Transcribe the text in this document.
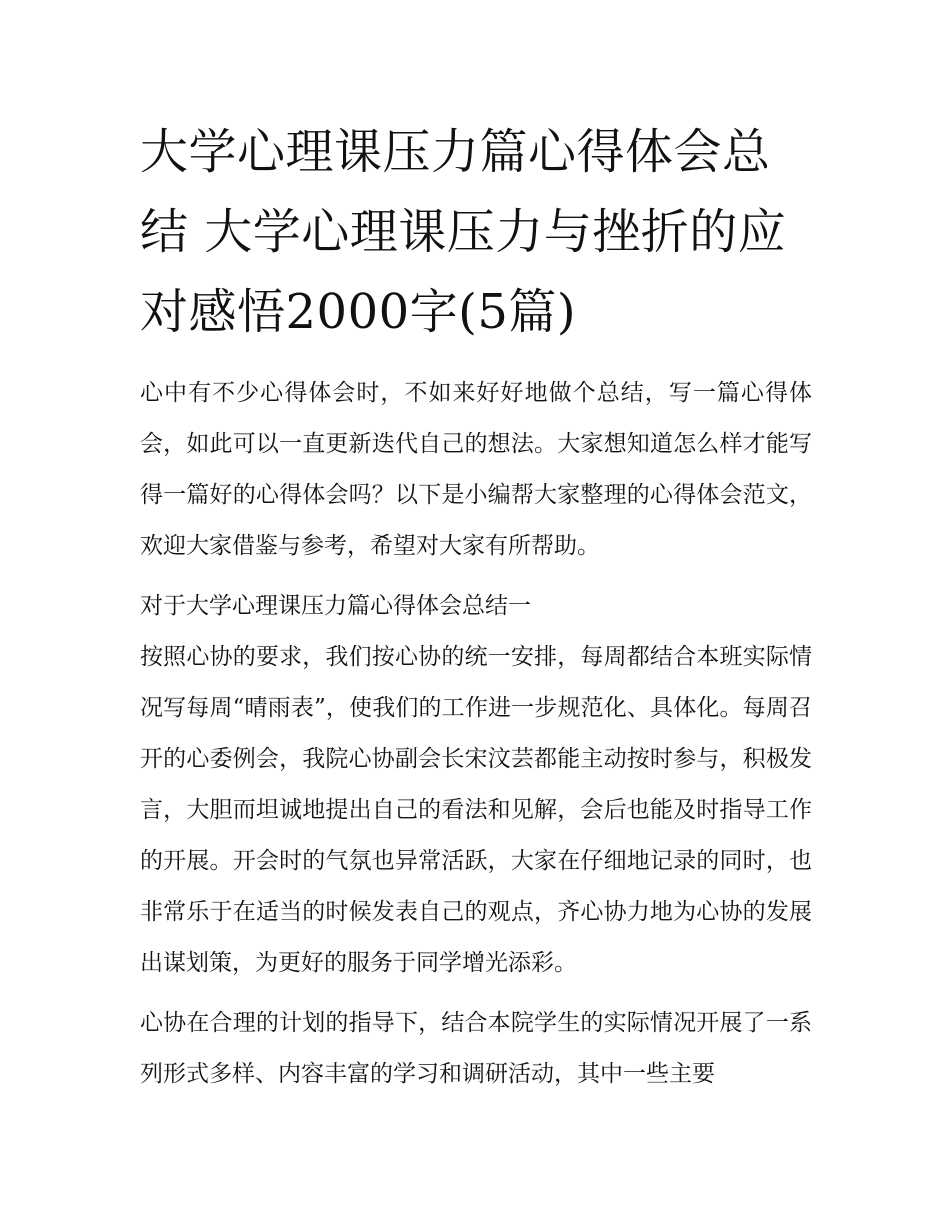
大学心理课压力篇心得体会总结 大学心理课压力与挫折的应对感悟2000字(5篇)

心中有不少心得体会时，不如来好好地做个总结，写一篇心得体会，如此可以一直更新迭代自己的想法。大家想知道怎么样才能写得一篇好的心得体会吗？以下是小编帮大家整理的心得体会范文，欢迎大家借鉴与参考，希望对大家有所帮助。

对于大学心理课压力篇心得体会总结一

按照心协的要求，我们按心协的统一安排，每周都结合本班实际情况写每周“晴雨表”，使我们的工作进一步规范化、具体化。每周召开的心委例会，我院心协副会长宋汶芸都能主动按时参与，积极发言，大胆而坦诚地提出自己的看法和见解，会后也能及时指导工作的开展。开会时的气氛也异常活跃，大家在仔细地记录的同时，也非常乐于在适当的时候发表自己的观点，齐心协力地为心协的发展出谋划策，为更好的服务于同学增光添彩。

心协在合理的计划的指导下，结合本院学生的实际情况开展了一系列形式多样、内容丰富的学习和调研活动，其中一些主要
